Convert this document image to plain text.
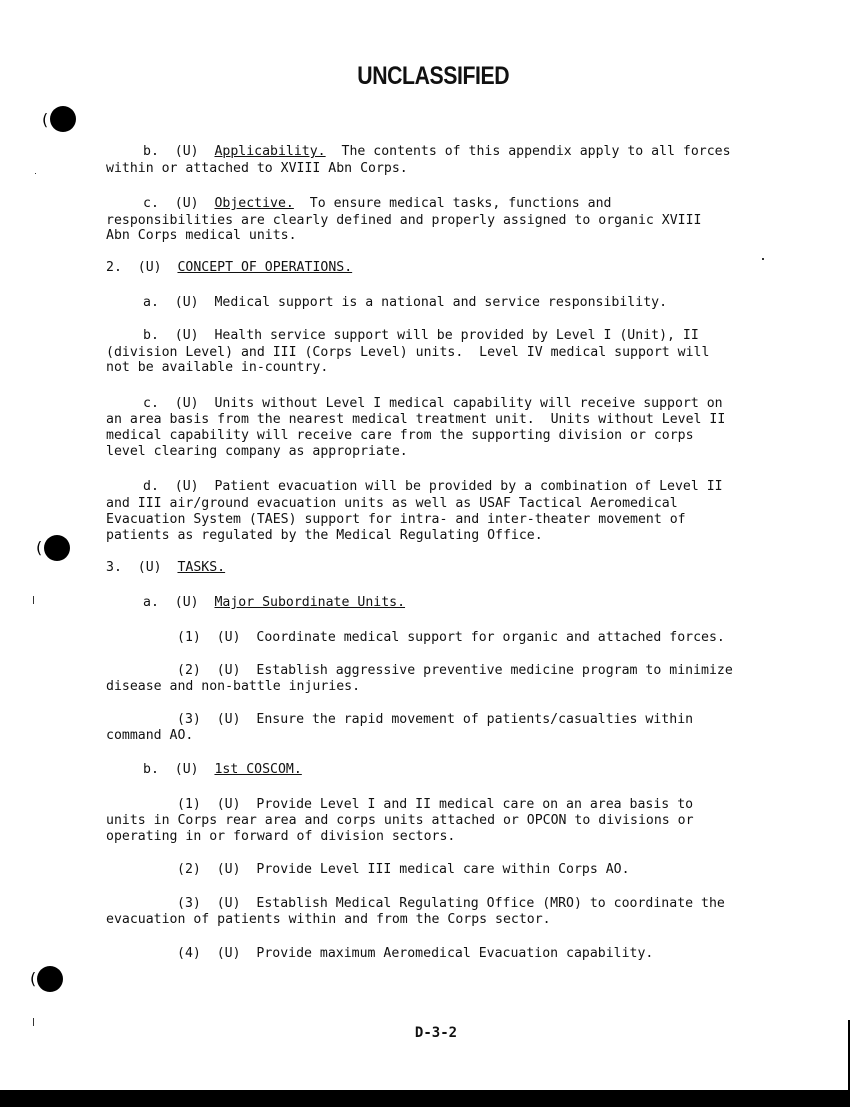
(
(
(
UNCLASSIFIED
b.  (U)  Applicability.  The contents of this appendix apply to all forces
within or attached to XVIII Abn Corps.
c.  (U)  Objective.  To ensure medical tasks, functions and
responsibilities are clearly defined and properly assigned to organic XVIII
Abn Corps medical units.
2.  (U)  CONCEPT OF OPERATIONS.
a.  (U)  Medical support is a national and service responsibility.
b.  (U)  Health service support will be provided by Level I (Unit), II
(division Level) and III (Corps Level) units.  Level IV medical support will
not be available in-country.
c.  (U)  Units without Level I medical capability will receive support on
an area basis from the nearest medical treatment unit.  Units without Level II
medical capability will receive care from the supporting division or corps
level clearing company as appropriate.
d.  (U)  Patient evacuation will be provided by a combination of Level II
and III air/ground evacuation units as well as USAF Tactical Aeromedical
Evacuation System (TAES) support for intra- and inter-theater movement of
patients as regulated by the Medical Regulating Office.
3.  (U)  TASKS.
a.  (U)  Major Subordinate Units.
(1)  (U)  Coordinate medical support for organic and attached forces.
(2)  (U)  Establish aggressive preventive medicine program to minimize
disease and non-battle injuries.
(3)  (U)  Ensure the rapid movement of patients/casualties within
command AO.
b.  (U)  1st COSCOM.
(1)  (U)  Provide Level I and II medical care on an area basis to
units in Corps rear area and corps units attached or OPCON to divisions or
operating in or forward of division sectors.
(2)  (U)  Provide Level III medical care within Corps AO.
(3)  (U)  Establish Medical Regulating Office (MRO) to coordinate the
evacuation of patients within and from the Corps sector.
(4)  (U)  Provide maximum Aeromedical Evacuation capability.
D-3-2
